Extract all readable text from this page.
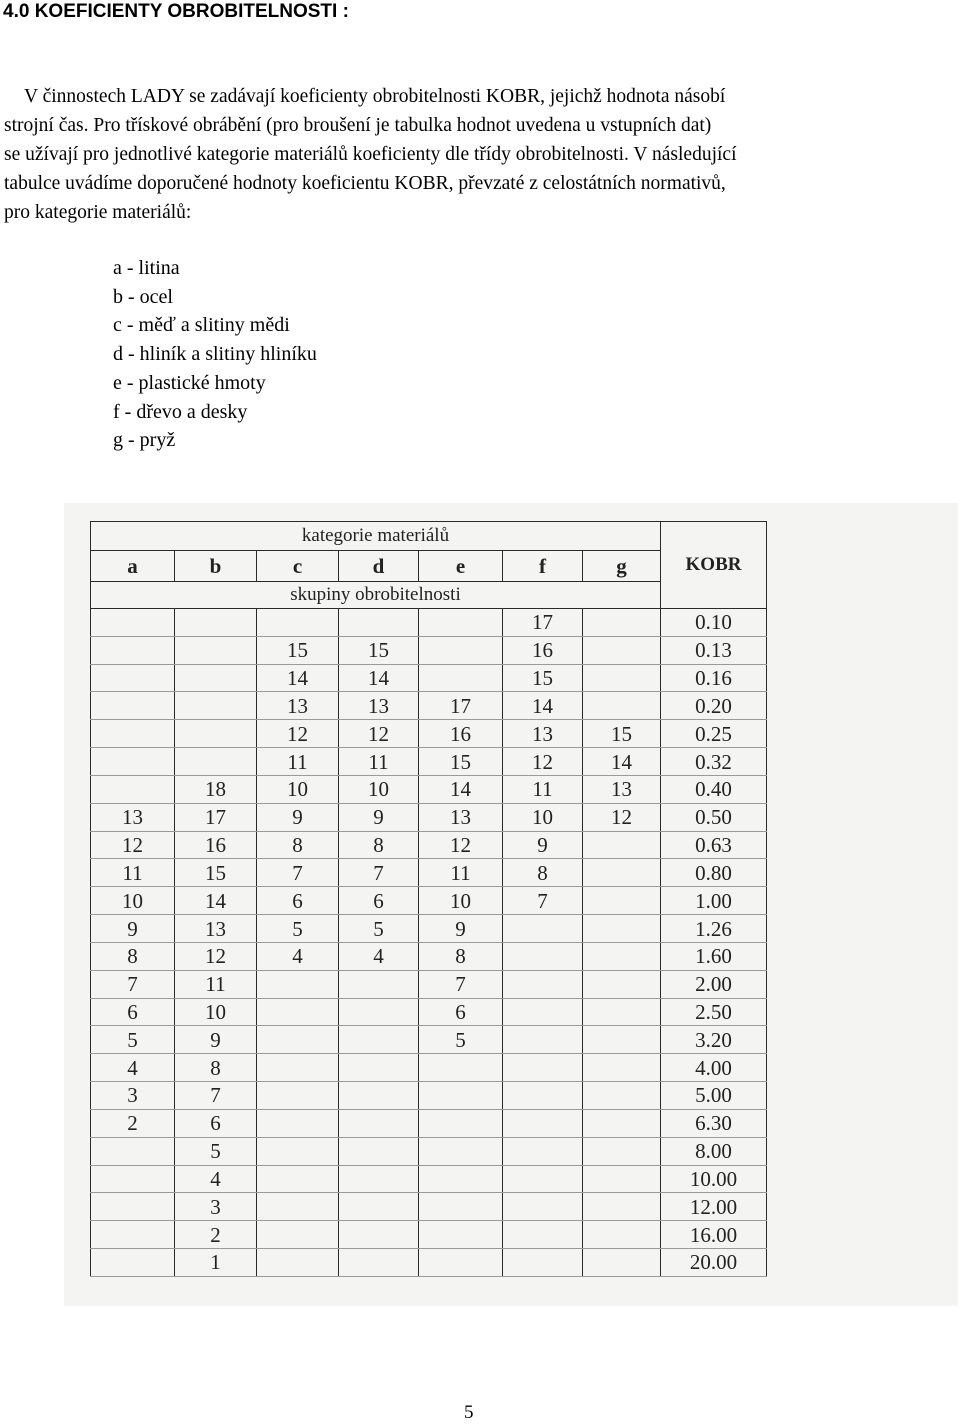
4.0 KOEFICIENTY OBROBITELNOSTI :

V činnostech LADY se zadávají koeficienty obrobitelnosti KOBR, jejichž hodnota násobí
strojní čas. Pro třískové obrábění (pro broušení je tabulka hodnot uvedena u vstupních dat)
se užívají pro jednotlivé kategorie materiálů koeficienty dle třídy obrobitelnosti. V následující
tabulce uvádíme doporučené hodnoty koeficientu KOBR, převzaté z celostátních normativů,
pro kategorie materiálů:

a - litina
b - ocel
c - měď a slitiny mědi
d - hliník a slitiny hliníku
e - plastické hmoty
f - dřevo a desky
g - pryž
kategorie materiálů							KOBR
a	b	c	d	e	f	g	
skupiny obrobitelnosti							
					17		0.10
		15	15		16		0.13
		14	14		15		0.16
		13	13	17	14		0.20
		12	12	16	13	15	0.25
		11	11	15	12	14	0.32
	18	10	10	14	11	13	0.40
13	17	9	9	13	10	12	0.50
12	16	8	8	12	9		0.63
11	15	7	7	11	8		0.80
10	14	6	6	10	7		1.00
9	13	5	5	9			1.26
8	12	4	4	8			1.60
7	11			7			2.00
6	10			6			2.50
5	9			5			3.20
4	8						4.00
3	7						5.00
2	6						6.30
	5						8.00
	4						10.00
	3						12.00
	2						16.00
	1						20.00

5
